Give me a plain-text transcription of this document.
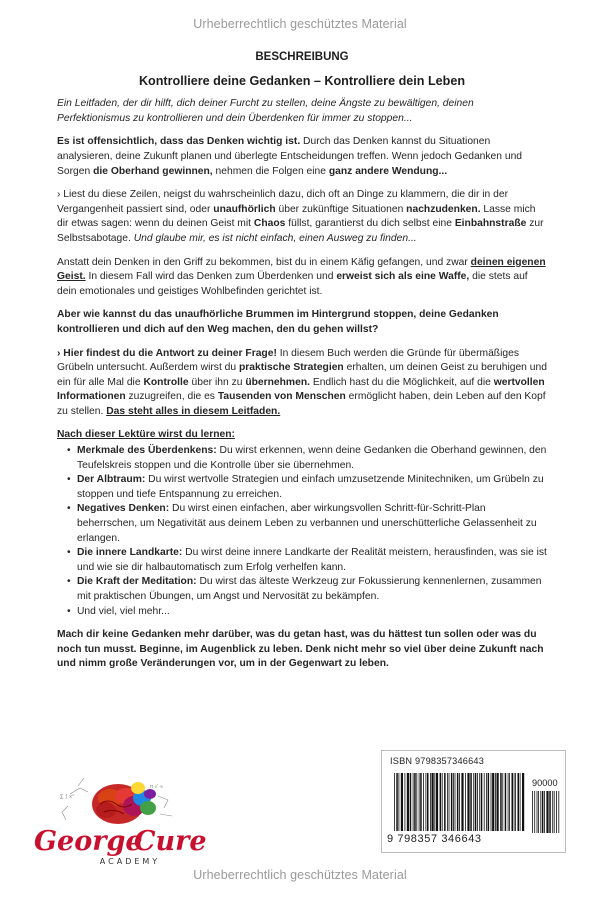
Urheberrechtlich geschütztes Material
BESCHREIBUNG
Kontrolliere deine Gedanken – Kontrolliere dein Leben

Ein Leitfaden, der dir hilft, dich deiner Furcht zu stellen, deine Ängste zu bewältigen, deinen Perfektionismus zu kontrollieren und dein Überdenken für immer zu stoppen...

Es ist offensichtlich, dass das Denken wichtig ist. Durch das Denken kannst du Situationen analysieren, deine Zukunft planen und überlegte Entscheidungen treffen. Wenn jedoch Gedanken und Sorgen die Oberhand gewinnen, nehmen die Folgen eine ganz andere Wendung...

› Liest du diese Zeilen, neigst du wahrscheinlich dazu, dich oft an Dinge zu klammern, die dir in der Vergangenheit passiert sind, oder unaufhörlich über zukünftige Situationen nachzudenken. Lasse mich dir etwas sagen: wenn du deinen Geist mit Chaos füllst, garantierst du dich selbst eine Einbahnstraße zur Selbstsabotage. Und glaube mir, es ist nicht einfach, einen Ausweg zu finden...

Anstatt dein Denken in den Griff zu bekommen, bist du in einem Käfig gefangen, und zwar deinen eigenen Geist. In diesem Fall wird das Denken zum Überdenken und erweist sich als eine Waffe, die stets auf dein emotionales und geistiges Wohlbefinden gerichtet ist.

Aber wie kannst du das unaufhörliche Brummen im Hintergrund stoppen, deine Gedanken kontrollieren und dich auf den Weg machen, den du gehen willst?

› Hier findest du die Antwort zu deiner Frage! In diesem Buch werden die Gründe für übermäßiges Grübeln untersucht. Außerdem wirst du praktische Strategien erhalten, um deinen Geist zu beruhigen und ein für alle Mal die Kontrolle über ihn zu übernehmen. Endlich hast du die Möglichkeit, auf die wertvollen Informationen zuzugreifen, die es Tausenden von Menschen ermöglicht haben, dein Leben auf den Kopf zu stellen. Das steht alles in diesem Leitfaden.

Nach dieser Lektüre wirst du lernen:
• Merkmale des Überdenkens: Du wirst erkennen, wenn deine Gedanken die Oberhand gewinnen, den Teufelskreis stoppen und die Kontrolle über sie übernehmen.
• Der Albtraum: Du wirst wertvolle Strategien und einfach umzusetzende Minitechniken, um Grübeln zu stoppen und tiefe Entspannung zu erreichen.
• Negatives Denken: Du wirst einen einfachen, aber wirkungsvollen Schritt-für-Schritt-Plan beherrschen, um Negativität aus deinem Leben zu verbannen und unerschütterliche Gelassenheit zu erlangen.
• Die innere Landkarte: Du wirst deine innere Landkarte der Realität meistern, herausfinden, was sie ist und wie sie dir halbautomatisch zum Erfolg verhelfen kann.
• Die Kraft der Meditation: Du wirst das älteste Werkzeug zur Fokussierung kennenlernen, zusammen mit praktischen Übungen, um Angst und Nervosität zu bekämpfen.
• Und viel, viel mehr...

Mach dir keine Gedanken mehr darüber, was du getan hast, was du hättest tun sollen oder was du noch tun musst. Beginne, im Augenblick zu leben. Denk nicht mehr so viel über deine Zukunft nach und nimm große Veränderungen vor, um in der Gegenwart zu leben.

∑ ∫ x²
π √ ∞
George
Cure
ACADEMY
ISBN 9798357346643
90000
9 798357 346643
Urheberrechtlich geschütztes Material
